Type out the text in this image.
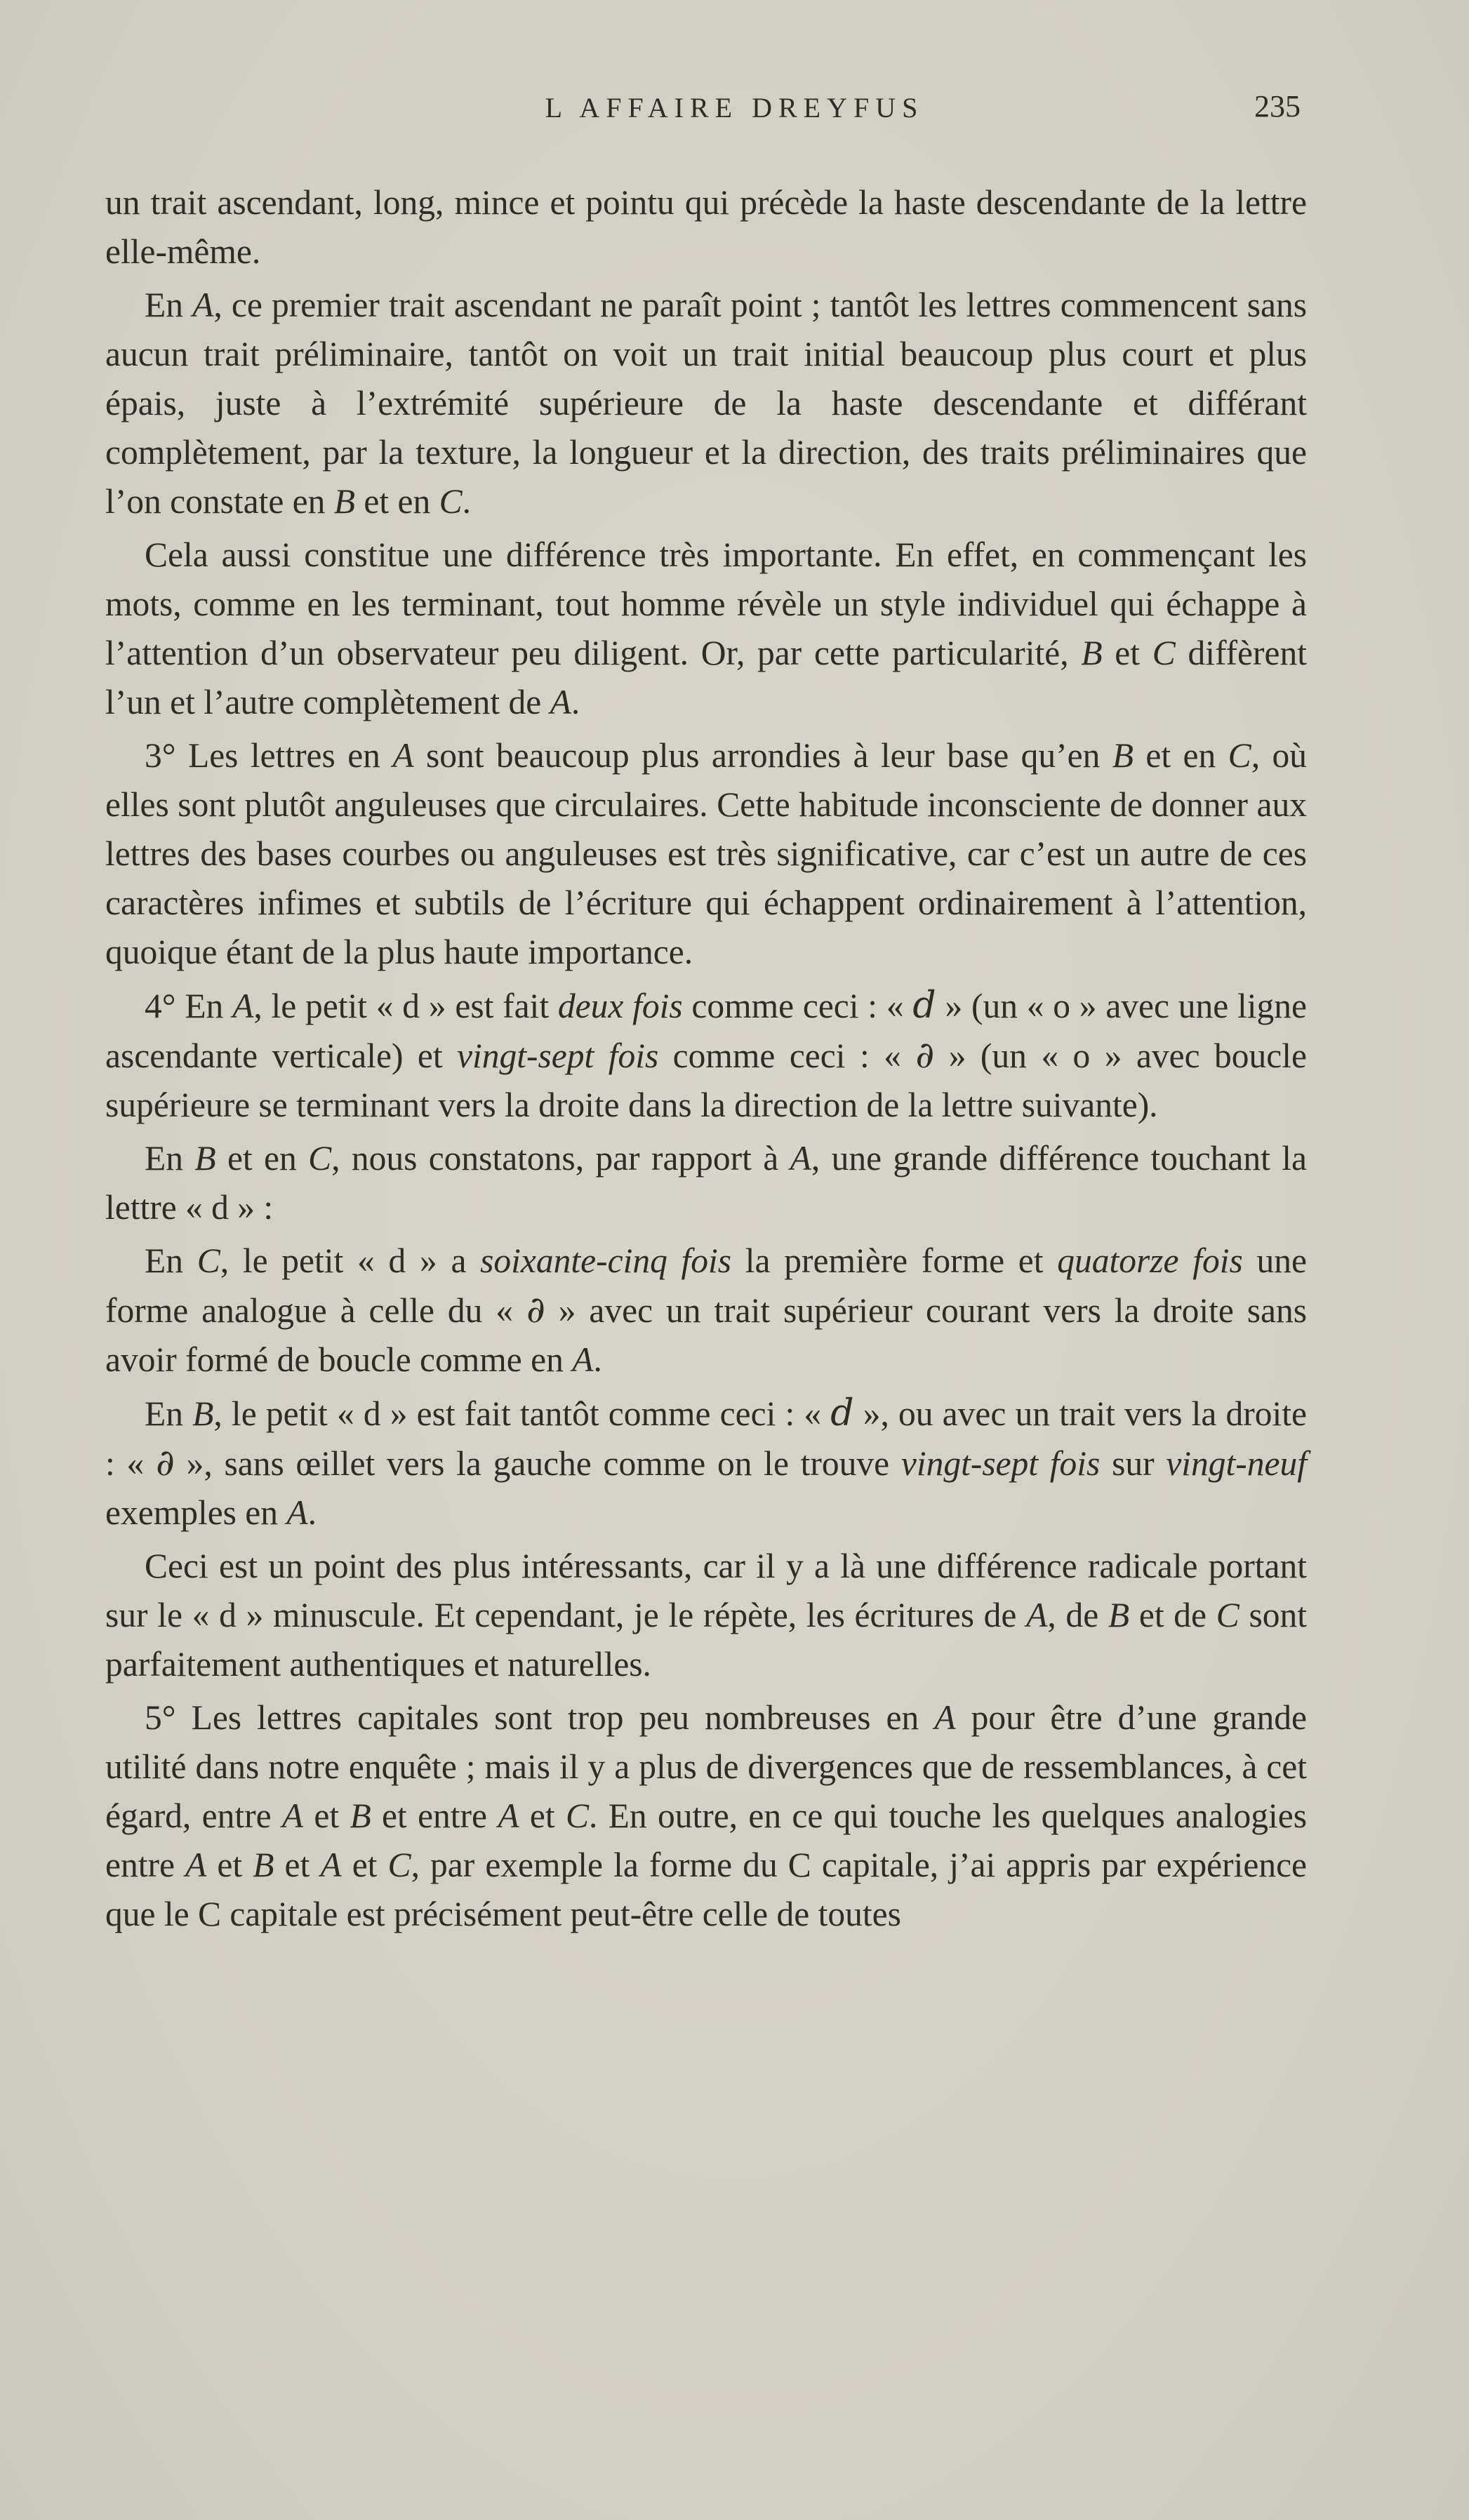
L AFFAIRE DREYFUS	235

un trait ascendant, long, mince et pointu qui précède la haste descendante de la lettre elle-même.

En A, ce premier trait ascendant ne paraît point ; tantôt les lettres commencent sans aucun trait préliminaire, tantôt on voit un trait initial beaucoup plus court et plus épais, juste à l’extrémité supérieure de la haste descendante et différant complètement, par la texture, la longueur et la direction, des traits préliminaires que l’on constate en B et en C.

Cela aussi constitue une différence très importante. En effet, en commençant les mots, comme en les terminant, tout homme révèle un style individuel qui échappe à l’attention d’un observateur peu diligent. Or, par cette particularité, B et C diffèrent l’un et l’autre complètement de A.

3° Les lettres en A sont beaucoup plus arrondies à leur base qu’en B et en C, où elles sont plutôt anguleuses que circulaires. Cette habitude inconsciente de donner aux lettres des bases courbes ou anguleuses est très significative, car c’est un autre de ces caractères infimes et subtils de l’écriture qui échappent ordinairement à l’attention, quoique étant de la plus haute importance.

4° En A, le petit « d » est fait deux fois comme ceci : « d » (un « o » avec une ligne ascendante verticale) et vingt-sept fois comme ceci : « ∂ » (un « o » avec boucle supérieure se terminant vers la droite dans la direction de la lettre suivante).

En B et en C, nous constatons, par rapport à A, une grande différence touchant la lettre « d » :

En C, le petit « d » a soixante-cinq fois la première forme et quatorze fois une forme analogue à celle du « ∂ » avec un trait supérieur courant vers la droite sans avoir formé de boucle comme en A.

En B, le petit « d » est fait tantôt comme ceci : « d », ou avec un trait vers la droite : « ∂ », sans œillet vers la gauche comme on le trouve vingt-sept fois sur vingt-neuf exemples en A.

Ceci est un point des plus intéressants, car il y a là une différence radicale portant sur le « d » minuscule. Et cependant, je le répète, les écritures de A, de B et de C sont parfaitement authentiques et naturelles.

5° Les lettres capitales sont trop peu nombreuses en A pour être d’une grande utilité dans notre enquête ; mais il y a plus de divergences que de ressemblances, à cet égard, entre A et B et entre A et C. En outre, en ce qui touche les quelques analogies entre A et B et A et C, par exemple la forme du C capitale, j’ai appris par expérience que le C capitale est précisément peut-être celle de toutes
